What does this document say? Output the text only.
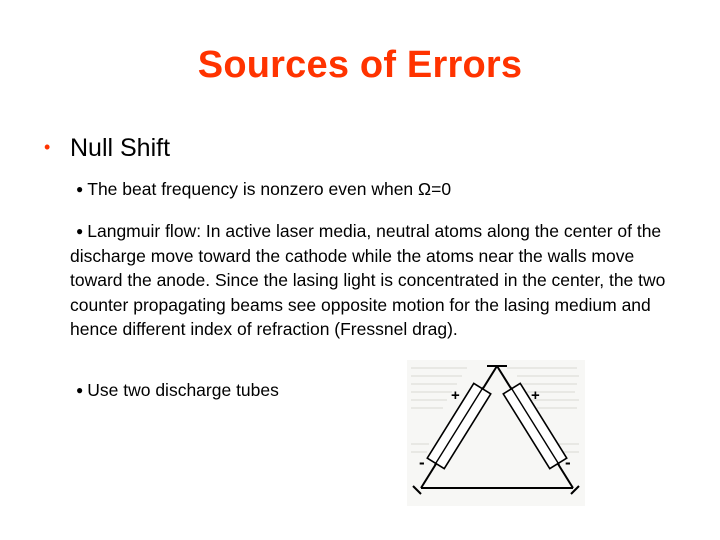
Sources of Errors
• Null Shift
● The beat frequency is nonzero even when Ω=0
● Langmuir flow: In active laser media, neutral atoms along the center of the discharge move toward the cathode while the atoms near the walls move toward the anode. Since the lasing light is concentrated in the center, the two counter propagating beams see opposite motion for the lasing medium and hence different index of refraction (Fressnel drag).
● Use two discharge tubes	+	+
-	-
